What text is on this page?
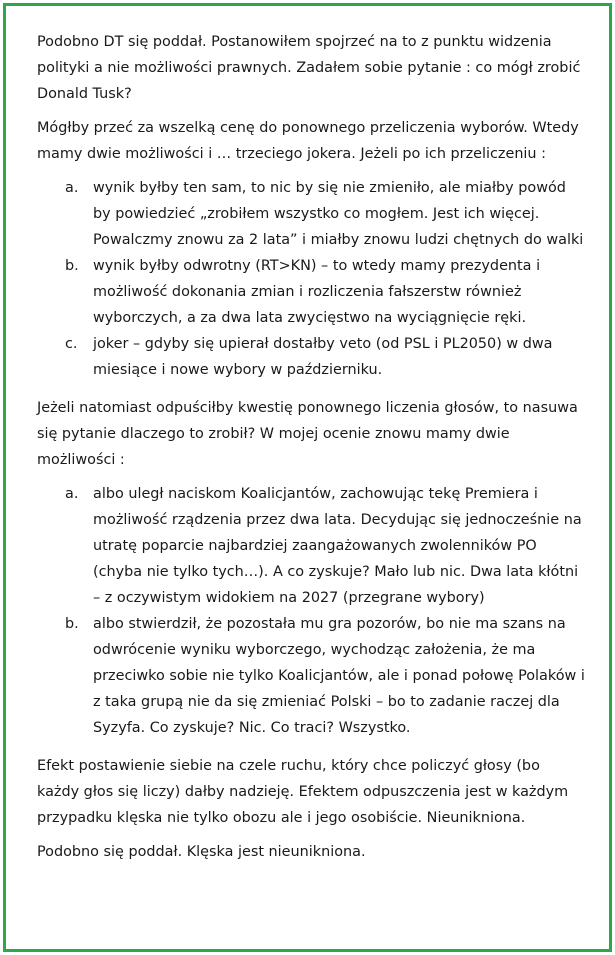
Podobno DT się poddał. Postanowiłem spojrzeć na to z punktu widzenia polityki a nie możliwości prawnych. Zadałem sobie pytanie : co mógł zrobić Donald Tusk?

Mógłby przeć za wszelką cenę do ponownego przeliczenia wyborów. Wtedy mamy dwie możliwości i … trzeciego jokera. Jeżeli po ich przeliczeniu :

a. wynik byłby ten sam, to nic by się nie zmieniło, ale miałby powód by powiedzieć „zrobiłem wszystko co mogłem. Jest ich więcej. Powalczmy znowu za 2 lata” i miałby znowu ludzi chętnych do walki
b. wynik byłby odwrotny (RT>KN) – to wtedy mamy prezydenta i możliwość dokonania zmian i rozliczenia fałszerstw również wyborczych, a za dwa lata zwycięstwo na wyciągnięcie ręki.
c. joker – gdyby się upierał dostałby veto (od PSL i PL2050) w dwa miesiące i nowe wybory w październiku.

Jeżeli natomiast odpuściłby kwestię ponownego liczenia głosów, to nasuwa się pytanie dlaczego to zrobił? W mojej ocenie znowu mamy dwie możliwości :

a. albo uległ naciskom Koalicjantów, zachowując tekę Premiera i możliwość rządzenia przez dwa lata. Decydując się jednocześnie na utratę poparcie najbardziej zaangażowanych zwolenników PO (chyba nie tylko tych…). A co zyskuje? Mało lub nic. Dwa lata kłótni – z oczywistym widokiem na 2027 (przegrane wybory)
b. albo stwierdził, że pozostała mu gra pozorów, bo nie ma szans na odwrócenie wyniku wyborczego, wychodząc założenia, że ma przeciwko sobie nie tylko Koalicjantów, ale i ponad połowę Polaków i z taka grupą nie da się zmieniać Polski – bo to zadanie raczej dla Syzyfa. Co zyskuje? Nic. Co traci? Wszystko.

Efekt postawienie siebie na czele ruchu, który chce policzyć głosy (bo każdy głos się liczy) dałby nadzieję. Efektem odpuszczenia jest w każdym przypadku klęska nie tylko obozu ale i jego osobiście. Nieunikniona.

Podobno się poddał. Klęska jest nieunikniona.
